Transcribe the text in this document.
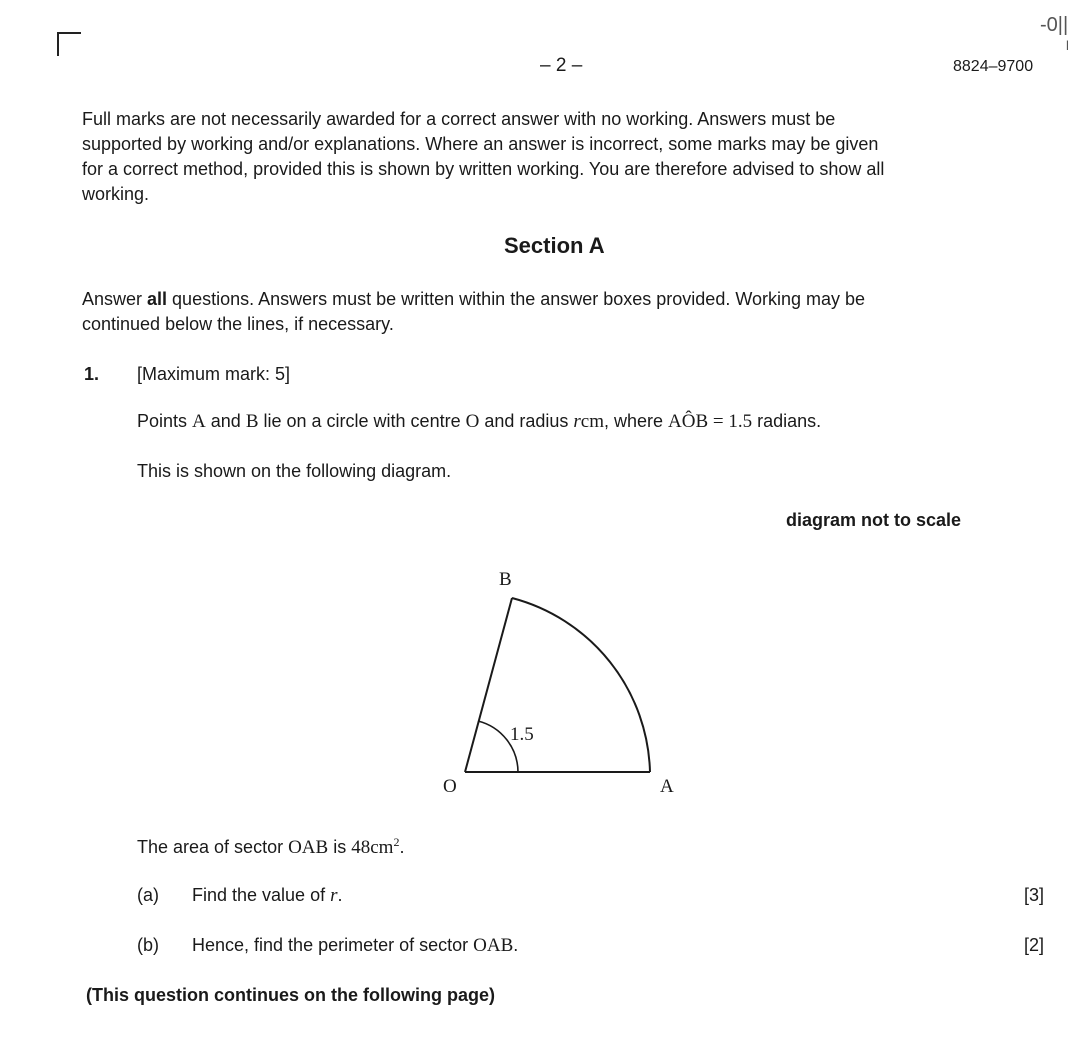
– 2 –	8824–9700
-0||
l
Full marks are not necessarily awarded for a correct answer with no working. Answers must be
supported by working and/or explanations. Where an answer is incorrect, some marks may be given
for a correct method, provided this is shown by written working. You are therefore advised to show all
working.
Section A
Answer all questions. Answers must be written within the answer boxes provided. Working may be
continued below the lines, if necessary.
1. [Maximum mark: 5]
Points A and B lie on a circle with centre O and radius rcm, where AÔB = 1.5 radians.
This is shown on the following diagram.
diagram not to scale
B
O	A
1.5
The area of sector OAB is $48cm^2$.
(a) Find the value of r.	[3]
(b) Hence, find the perimeter of sector OAB.	[2]
(This question continues on the following page)
